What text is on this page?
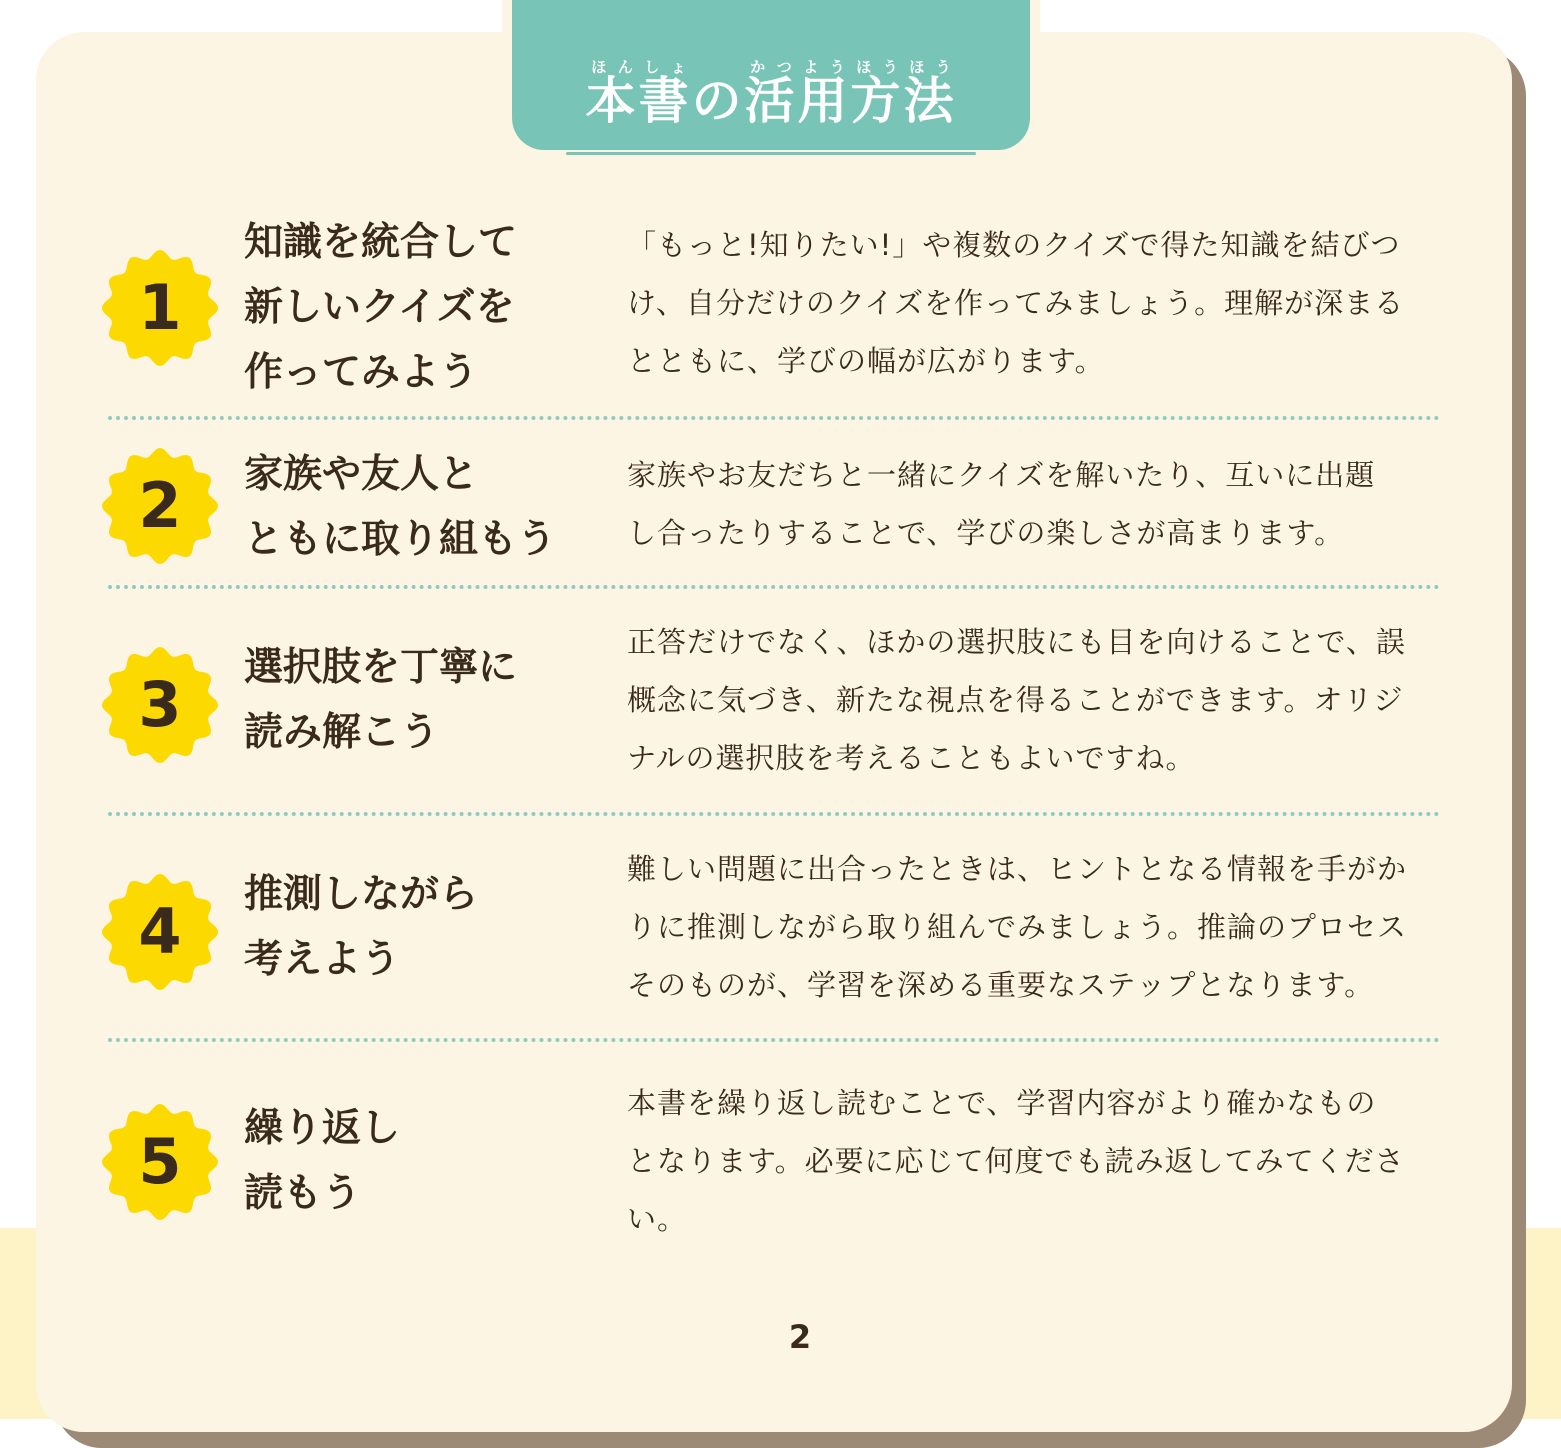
本ほん書しょの活かつ用よう方ほう法ほう
1
知識を統合して
新しいクイズを
作ってみよう
「もっと!知りたい!」や複数のクイズで得た知識を結びつ
け、自分だけのクイズを作ってみましょう。理解が深まる
とともに、学びの幅が広がります。
2	家族や友人と
ともに取り組もう
家族やお友だちと一緒にクイズを解いたり、互いに出題
し合ったりすることで、学びの楽しさが高まります。
3
選択肢を丁寧に
読み解こう
正答だけでなく、ほかの選択肢にも目を向けることで、誤
概念に気づき、新たな視点を得ることができます。オリジ
ナルの選択肢を考えることもよいですね。
4
推測しながら
考えよう
難しい問題に出合ったときは、ヒントとなる情報を手がか
りに推測しながら取り組んでみましょう。推論のプロセス
そのものが、学習を深める重要なステップとなります。
5	繰り返し
読もう
本書を繰り返し読むことで、学習内容がより確かなもの
となります。必要に応じて何度でも読み返してみてくださ
い。
2
